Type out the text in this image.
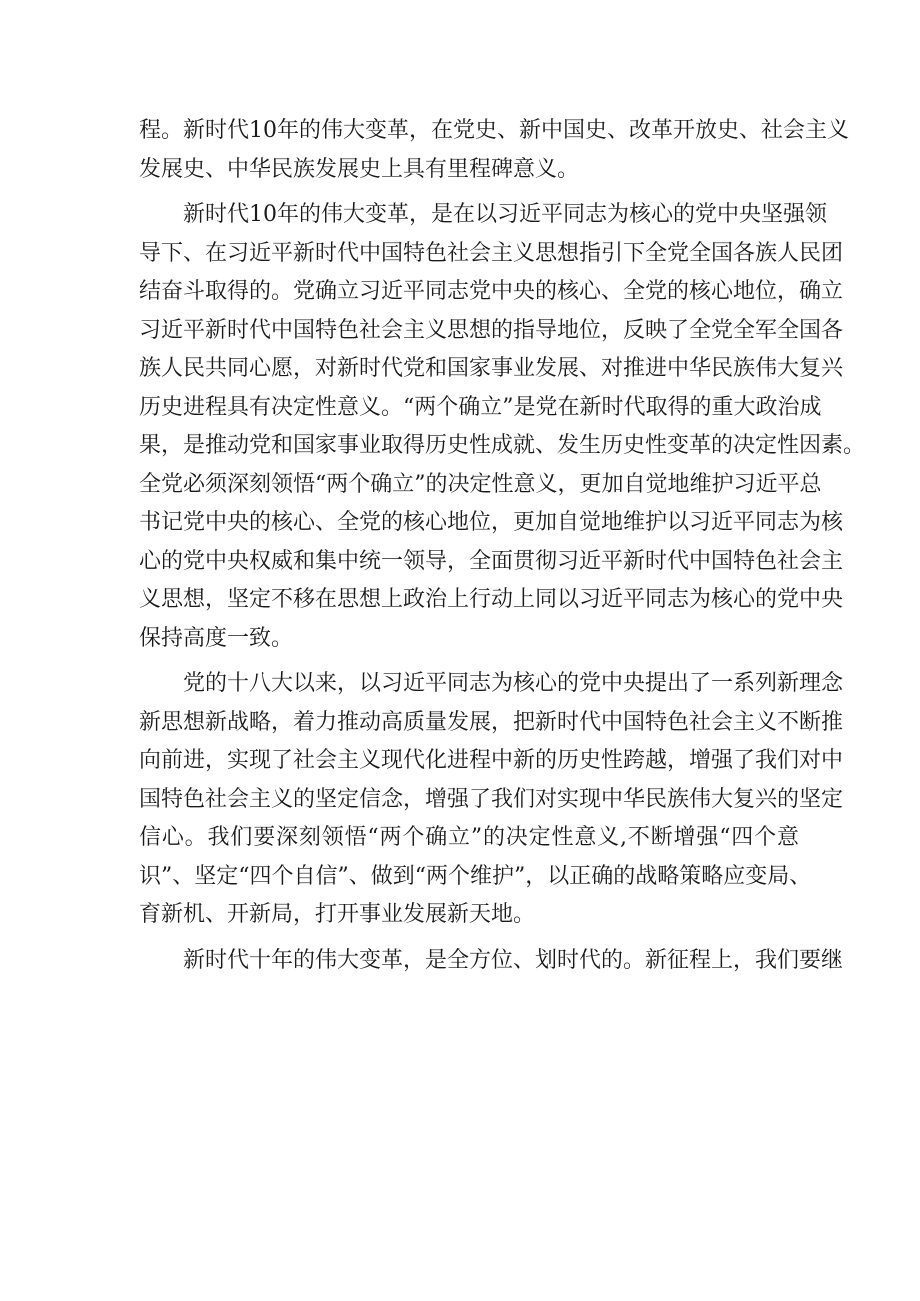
程。新时代10年的伟大变革，在党史、新中国史、改革开放史、社会主义
发展史、中华民族发展史上具有里程碑意义。
　　新时代10年的伟大变革，是在以习近平同志为核心的党中央坚强领
导下、在习近平新时代中国特色社会主义思想指引下全党全国各族人民团
结奋斗取得的。党确立习近平同志党中央的核心、全党的核心地位，确立
习近平新时代中国特色社会主义思想的指导地位，反映了全党全军全国各
族人民共同心愿，对新时代党和国家事业发展、对推进中华民族伟大复兴
历史进程具有决定性意义。“两个确立”是党在新时代取得的重大政治成
果，是推动党和国家事业取得历史性成就、发生历史性变革的决定性因素。
全党必须深刻领悟“两个确立”的决定性意义，更加自觉地维护习近平总
书记党中央的核心、全党的核心地位，更加自觉地维护以习近平同志为核
心的党中央权威和集中统一领导，全面贯彻习近平新时代中国特色社会主
义思想，坚定不移在思想上政治上行动上同以习近平同志为核心的党中央
保持高度一致。
　　党的十八大以来，以习近平同志为核心的党中央提出了一系列新理念
新思想新战略，着力推动高质量发展，把新时代中国特色社会主义不断推
向前进，实现了社会主义现代化进程中新的历史性跨越，增强了我们对中
国特色社会主义的坚定信念，增强了我们对实现中华民族伟大复兴的坚定
信心。我们要深刻领悟“两个确立”的决定性意义,不断增强“四个意
识”、坚定“四个自信”、做到“两个维护”，以正确的战略策略应变局、
育新机、开新局，打开事业发展新天地。
　　新时代十年的伟大变革，是全方位、划时代的。新征程上，我们要继
